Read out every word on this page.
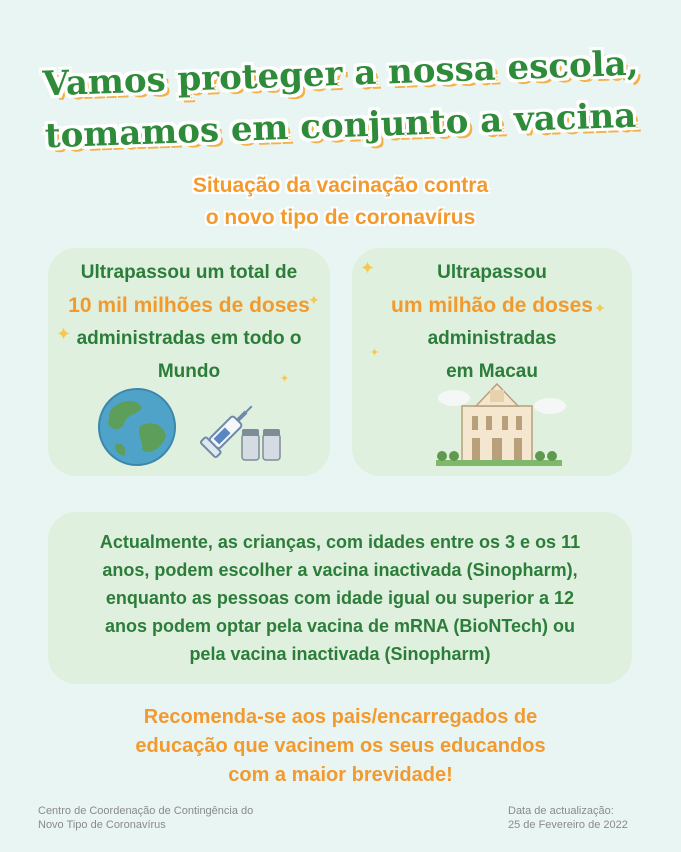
Vamos proteger a nossa escola,
tomamos em conjunto a vacina
Situação da vacinação contra
o novo tipo de coronavírus
Ultrapassou um total de
10 mil milhões de doses
administradas em todo o
Mundo
✦
✦
✦
Ultrapassou
um milhão de doses
administradas
em Macau
✦
✦
✦
Actualmente, as crianças, com idades entre os 3 e os 11
anos, podem escolher a vacina inactivada (Sinopharm),
enquanto as pessoas com idade igual ou superior a 12
anos podem optar pela vacina de mRNA (BioNTech) ou
pela vacina inactivada (Sinopharm)
Recomenda-se aos pais/encarregados de
educação que vacinem os seus educandos
com a maior brevidade!
Centro de Coordenação de Contingência do
Novo Tipo de Coronavírus
Data de actualização:
25 de Fevereiro de 2022
